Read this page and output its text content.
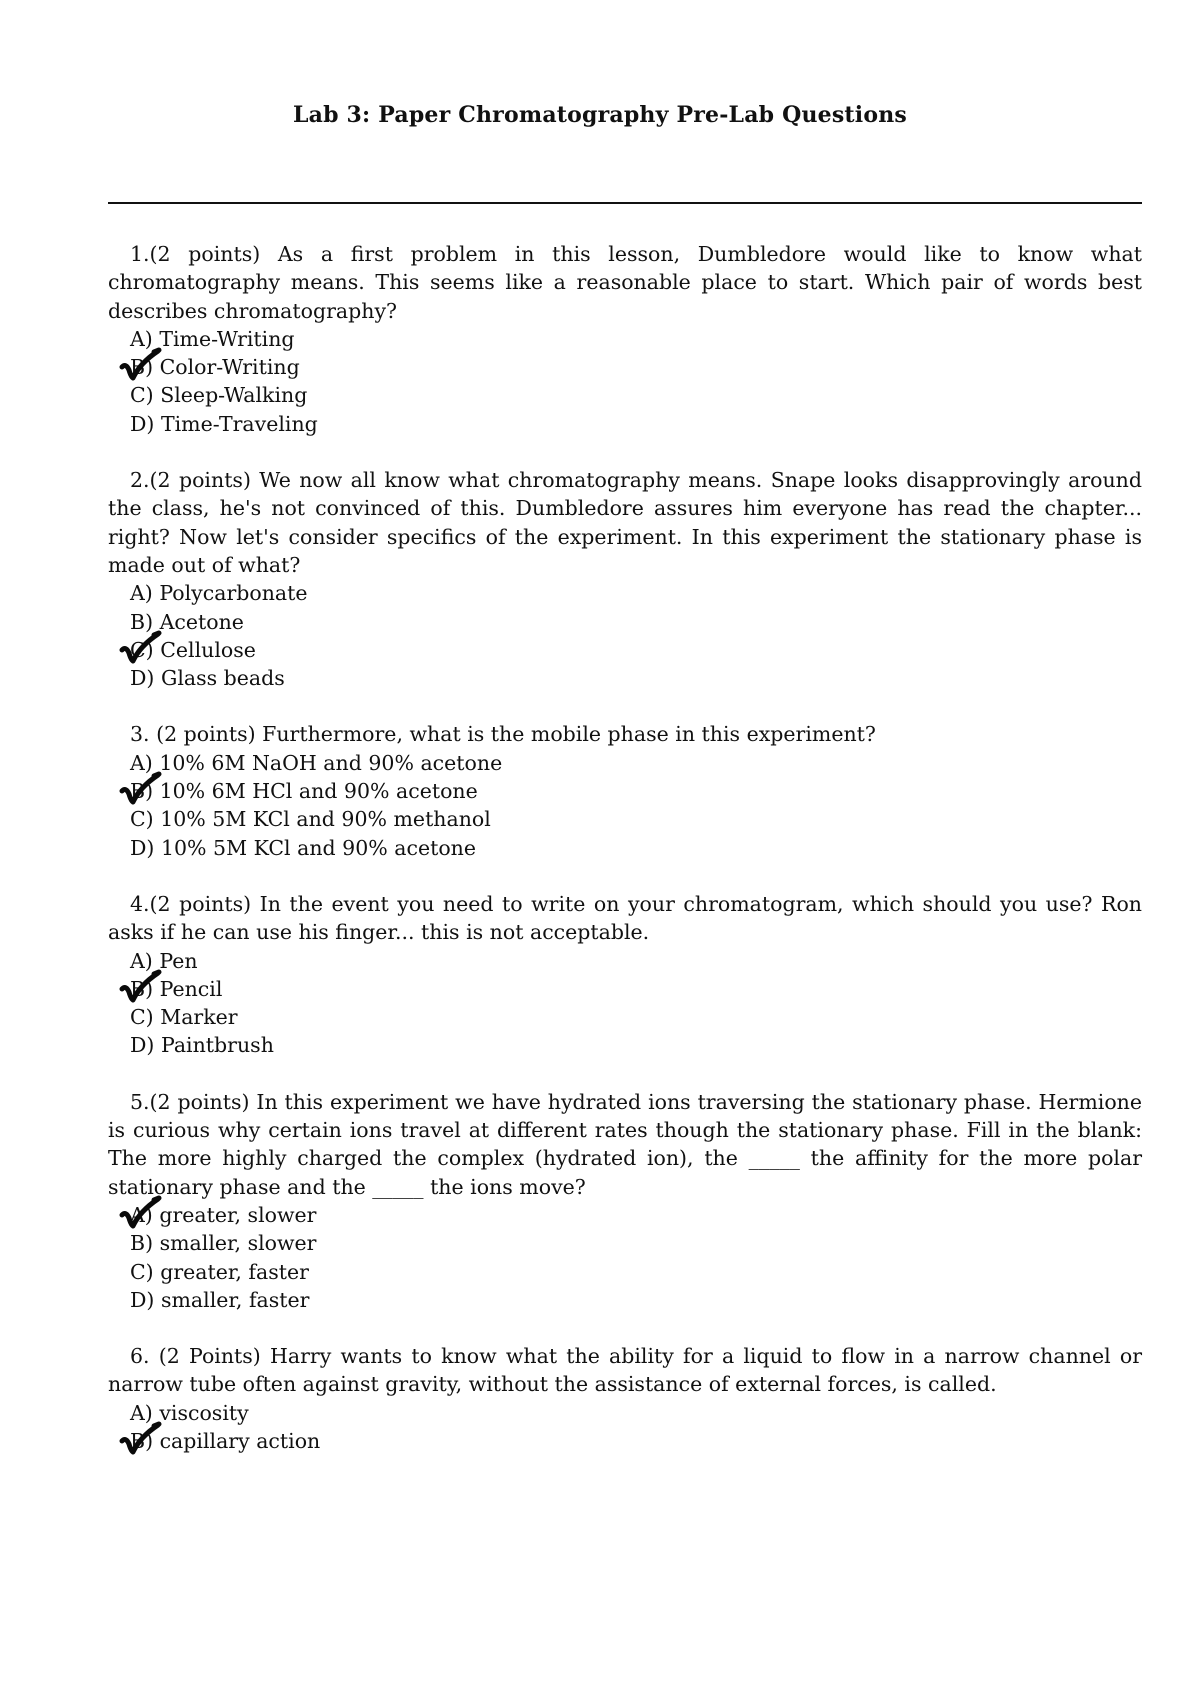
Lab 3: Paper Chromatography Pre-Lab Questions

1.(2 points) As a first problem in this lesson, Dumbledore would like to know what chromatography means. This seems like a reasonable place to start. Which pair of words best describes chromatography?

A) Time-Writing
B) Color-Writing
C) Sleep-Walking
D) Time-Traveling

2.(2 points) We now all know what chromatography means. Snape looks disapprovingly around the class, he's not convinced of this. Dumbledore assures him everyone has read the chapter... right? Now let's consider specifics of the experiment. In this experiment the stationary phase is made out of what?

A) Polycarbonate
B) Acetone
C) Cellulose
D) Glass beads

3. (2 points) Furthermore, what is the mobile phase in this experiment?

A) 10% 6M NaOH and 90% acetone
B) 10% 6M HCl and 90% acetone
C) 10% 5M KCl and 90% methanol
D) 10% 5M KCl and 90% acetone

4.(2 points) In the event you need to write on your chromatogram, which should you use? Ron asks if he can use his finger... this is not acceptable.

A) Pen
B) Pencil
C) Marker
D) Paintbrush

5.(2 points) In this experiment we have hydrated ions traversing the stationary phase. Hermione is curious why certain ions travel at different rates though the stationary phase. Fill in the blank: The more highly charged the complex (hydrated ion), the _____ the affinity for the more polar stationary phase and the _____ the ions move?

A) greater, slower
B) smaller, slower
C) greater, faster
D) smaller, faster

6. (2 Points) Harry wants to know what the ability for a liquid to flow in a narrow channel or narrow tube often against gravity, without the assistance of external forces, is called.

A) viscosity
B) capillary action
